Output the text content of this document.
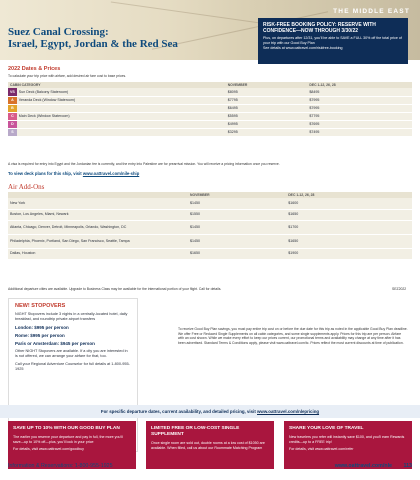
THE MIDDLE EAST
Suez Canal Crossing:
Israel, Egypt, Jordan & the Red Sea
RISK-FREE BOOKING POLICY: RESERVE WITH CONFIDENCE—NOW THROUGH 3/30/22
Plus, on departures after 12/31, you'll be able to SAVE a FULL 30% off the total price of your trip with our Good Buy Plan
See details at www.oattravel.com/riskfree-booking
2022 Dates & Prices
To calculate your trip price with airfare, add desired air fare cost to base prices.
CABIN CATEGORY		NOVEMBER	DEC 1-12, 26, 28
VS	Sun Deck (Balcony Stateroom)	$8095	$8495
A	Veranda Deck (Window Stateroom)	$7795	$7995
B		$6495	$7995
C	Main Deck (Window Stateroom)	$5595	$7795
D		$4995	$7695
S		$3295	$7495
A visa is required for entry into Egypt and the Jordanian fee is currently, and the entry into Palestine are for prearrival mission. You will receive a pricing information once you reserve.
To view deck plans for this ship, visit www.oattravel.com/nile-ship
Air Add-Ons
	NOVEMBER	DEC 1-12, 26, 28
New York	$1450	$1600
Boston, Los Angeles, Miami, Newark	$1550	$1650
Atlanta, Chicago, Denver, Detroit, Minneapolis, Orlando, Washington, DC	$1450	$1700
Philadelphia, Phoenix, Portland, San Diego, San Francisco, Seattle, Tampa	$1450	$1650
Dallas, Houston	$1650	$1900
Additional departure cities are available. Upgrade to Business Class may be available for the international portion of your flight. Call for details.	SEZ2022
NEW! STOPOVERS
NIGHT Stopovers include 3 nights in a centrally-located hotel, daily breakfast, and roundtrip private airport transfers
London: $995 per person
Rome: $995 per person
Paris or Amsterdam: $945 per person
Other NIGHT Stopovers are available. If a city you are interested in is not offered, we can arrange your airfare for that, too.
Call your Regional Adventure Counselor for full details at 1-800-955-1925
To receive Good Buy Plan savings, you must pay entire trip cost on or before the due date for this trip as noted in the applicable Good Buy Plan deadline. We offer Free or Reduced Single Supplements on all cabin categories, and some single supplements apply. Prices for this trip are per person. Airfare with an cost shown. While we make every effort to keep our prices current, our promotional terms and availability may change at any time after it has been advertised. Standard Terms & Conditions apply, please visit www.oattravel.com/tc. Prices reflect the most current discounts at time of publication.
For specific departure dates, current availability, and detailed pricing, visit www.oattravel.com/nlepricing
SAVE UP TO 10% WITH OUR GOOD BUY PLAN
The earlier you reserve your departure and pay in full, the more you'll save—up to 10% off—plus, you'll lock in your price
For details, visit www.oattravel.com/goodbuy
LIMITED FREE OR LOW-COST SINGLE SUPPLEMENT
Once single room are sold out, double rooms at a low cost of $1050 are available. When filled, call us about our Roommate Matching Program
SHARE YOUR LOVE OF TRAVEL
New travelers you refer will instantly save $100, and you'll earn Rewards credits—up to a FREE trip!
For details, visit www.oattravel.com/refer
Information & Reservations: 1-800-955-1925	www.oattravel.com/nle 113
